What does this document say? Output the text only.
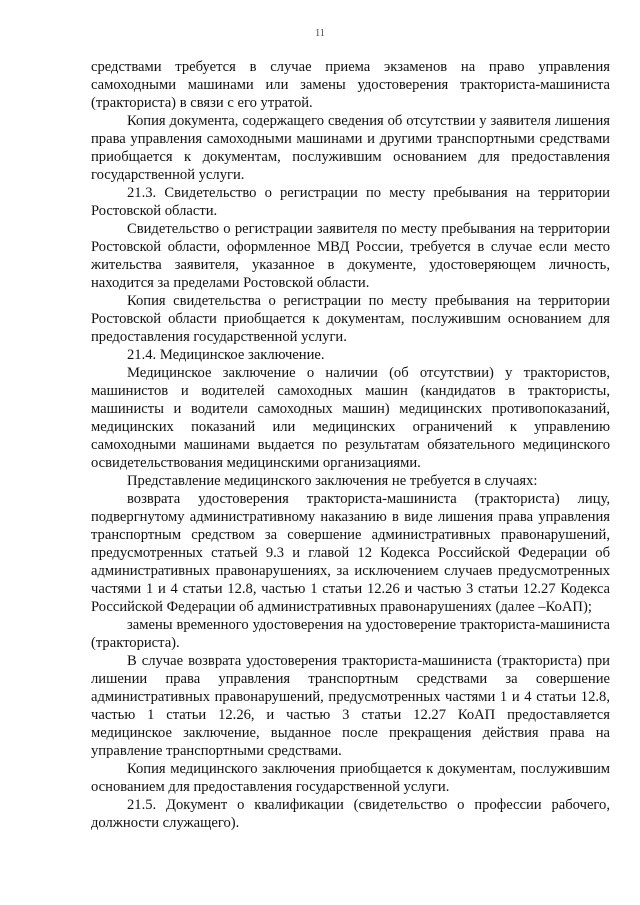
11

средствами требуется в случае приема экзаменов на право управления самоходными машинами или замены удостоверения тракториста-машиниста (тракториста) в связи с его утратой.

Копия документа, содержащего сведения об отсутствии у заявителя лишения права управления самоходными машинами и другими транспортными средствами приобщается к документам, послужившим основанием для предоставления государственной услуги.

21.3. Свидетельство о регистрации по месту пребывания на территории Ростовской области.

Свидетельство о регистрации заявителя по месту пребывания на территории Ростовской области, оформленное МВД России, требуется в случае если место жительства заявителя, указанное в документе, удостоверяющем личность, находится за пределами Ростовской области.

Копия свидетельства о регистрации по месту пребывания на территории Ростовской области приобщается к документам, послужившим основанием для предоставления государственной услуги.

21.4. Медицинское заключение.

Медицинское заключение о наличии (об отсутствии) у трактористов, машинистов и водителей самоходных машин (кандидатов в трактористы, машинисты и водители самоходных машин) медицинских противопоказаний, медицинских показаний или медицинских ограничений к управлению самоходными машинами выдается по результатам обязательного медицинского освидетельствования медицинскими организациями.

Представление медицинского заключения не требуется в случаях:

возврата удостоверения тракториста-машиниста (тракториста) лицу, подвергнутому административному наказанию в виде лишения права управления транспортным средством за совершение административных правонарушений, предусмотренных статьей 9.3 и главой 12 Кодекса Российской Федерации об административных правонарушениях, за исключением случаев предусмотренных частями 1 и 4 статьи 12.8, частью 1 статьи 12.26 и частью 3 статьи 12.27 Кодекса Российской Федерации об административных правонарушениях (далее –КоАП);

замены временного удостоверения на удостоверение тракториста-машиниста (тракториста).

В случае возврата удостоверения тракториста-машиниста (тракториста) при лишении права управления транспортным средствами за совершение административных правонарушений, предусмотренных частями 1 и 4 статьи 12.8, частью 1 статьи 12.26, и частью 3 статьи 12.27 КоАП предоставляется медицинское заключение, выданное после прекращения действия права на управление транспортными средствами.

Копия медицинского заключения приобщается к документам, послужившим основанием для предоставления государственной услуги.

21.5. Документ о квалификации (свидетельство о профессии рабочего, должности служащего).
